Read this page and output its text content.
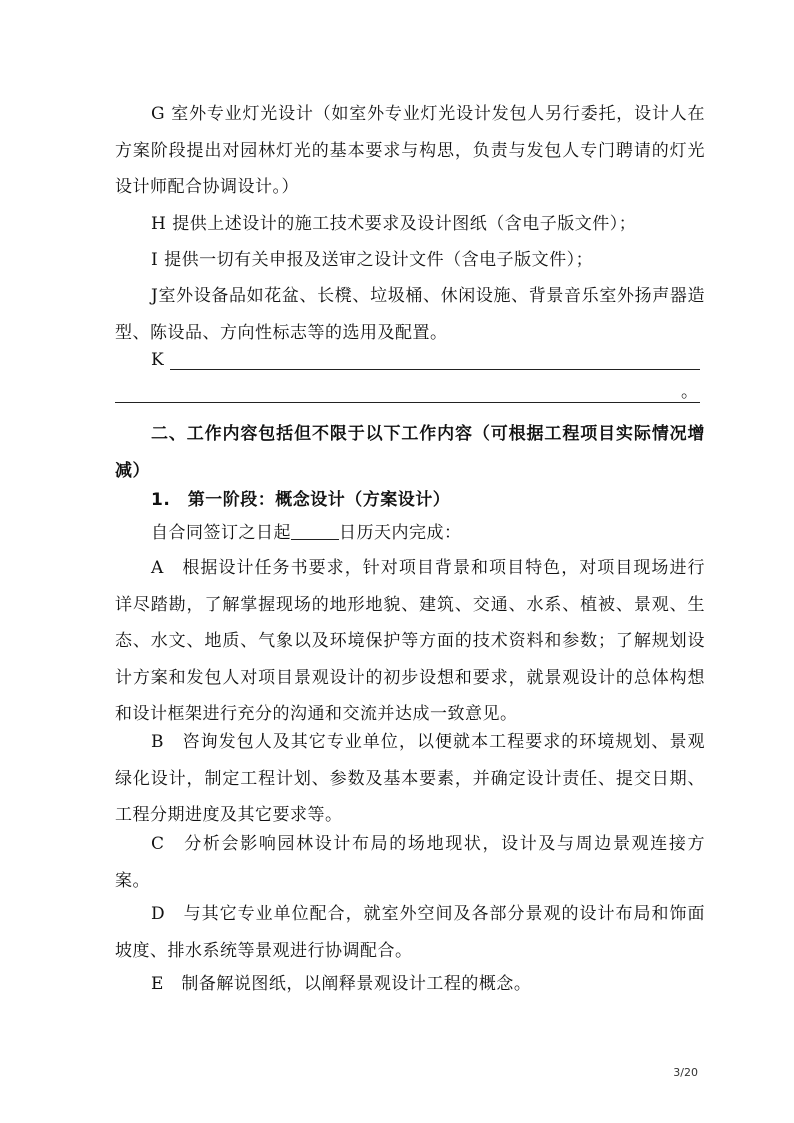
G 室外专业灯光设计（如室外专业灯光设计发包人另行委托，设计人在方案阶段提出对园林灯光的基本要求与构思，负责与发包人专门聘请的灯光设计师配合协调设计。）

H 提供上述设计的施工技术要求及设计图纸（含电子版文件）；

I 提供一切有关申报及送审之设计文件（含电子版文件）；

J室外设备品如花盆、长櫈、垃圾桶、休闲设施、背景音乐室外扬声器造型、陈设品、方向性标志等的选用及配置。

K
。

二、工作内容包括但不限于以下工作内容（可根据工程项目实际情况增减）

1.　第一阶段：概念设计（方案设计）

自合同签订之日起	日历天内完成：

A　根据设计任务书要求，针对项目背景和项目特色，对项目现场进行详尽踏勘，了解掌握现场的地形地貌、建筑、交通、水系、植被、景观、生态、水文、地质、气象以及环境保护等方面的技术资料和参数；了解规划设计方案和发包人对项目景观设计的初步设想和要求，就景观设计的总体构想和设计框架进行充分的沟通和交流并达成一致意见。

B　咨询发包人及其它专业单位，以便就本工程要求的环境规划、景观绿化设计，制定工程计划、参数及基本要素，并确定设计责任、提交日期、工程分期进度及其它要求等。

C　分析会影响园林设计布局的场地现状，设计及与周边景观连接方案。

D　与其它专业单位配合，就室外空间及各部分景观的设计布局和饰面坡度、排水系统等景观进行协调配合。

E　制备解说图纸，以阐释景观设计工程的概念。

3/20
